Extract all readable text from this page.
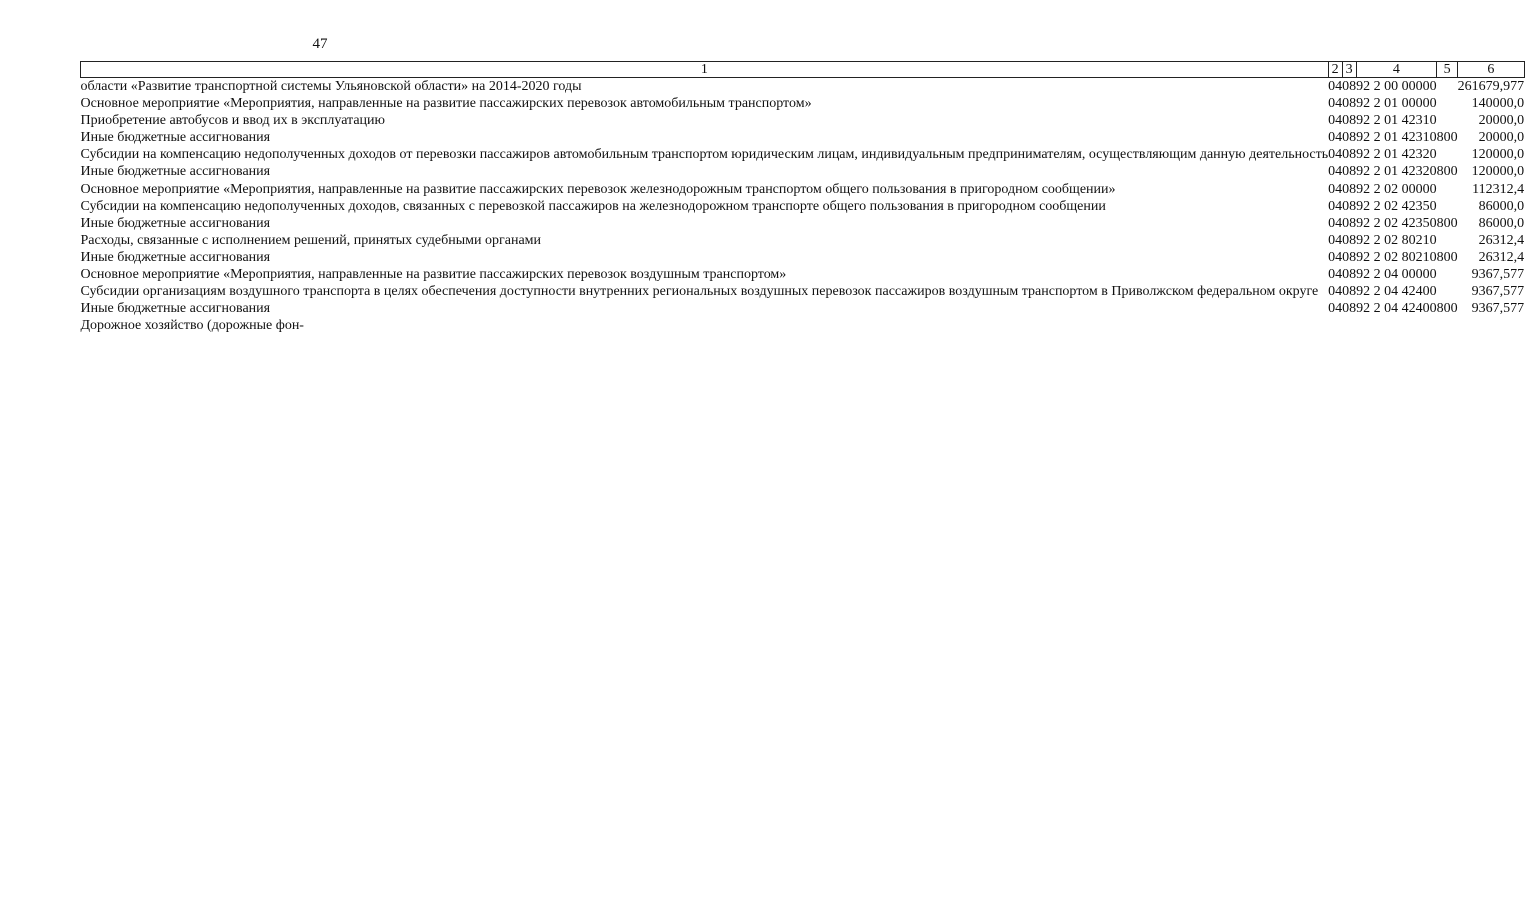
47
1	2	3	4	5	6
области «Развитие транспортной системы Ульяновской области» на 2014-2020 годы	04	08	92 2 00 00000		261679,977
Основное мероприятие «Мероприятия, направленные на развитие пассажирских перевозок автомобильным транспортом»	04	08	92 2 01 00000		140000,0
Приобретение автобусов и ввод их в эксплуатацию	04	08	92 2 01 42310		20000,0
Иные бюджетные ассигнования	04	08	92 2 01 42310	800	20000,0
Субсидии на компенсацию недополученных доходов от перевозки пассажиров автомобильным транспортом юридическим лицам, индивидуальным предпринимателям, осуществляющим данную деятельность	04	08	92 2 01 42320		120000,0
Иные бюджетные ассигнования	04	08	92 2 01 42320	800	120000,0
Основное мероприятие «Мероприятия, направленные на развитие пассажирских перевозок железнодорожным транспортом общего пользования в пригородном сообщении»	04	08	92 2 02 00000		112312,4
Субсидии на компенсацию недополученных доходов, связанных с перевозкой пассажиров на железнодорожном транспорте общего пользования в пригородном сообщении	04	08	92 2 02 42350		86000,0
Иные бюджетные ассигнования	04	08	92 2 02 42350	800	86000,0
Расходы, связанные с исполнением решений, принятых судебными органами	04	08	92 2 02 80210		26312,4
Иные бюджетные ассигнования	04	08	92 2 02 80210	800	26312,4
Основное мероприятие «Мероприятия, направленные на развитие пассажирских перевозок воздушным транспортом»	04	08	92 2 04 00000		9367,577
Субсидии организациям воздушного транспорта в целях обеспечения доступности внутренних региональных воздушных перевозок пассажиров воздушным транспортом в Приволжском федеральном округе	04	08	92 2 04 42400		9367,577
Иные бюджетные ассигнования	04	08	92 2 04 42400	800	9367,577
Дорожное хозяйство (дорожные фон-					
